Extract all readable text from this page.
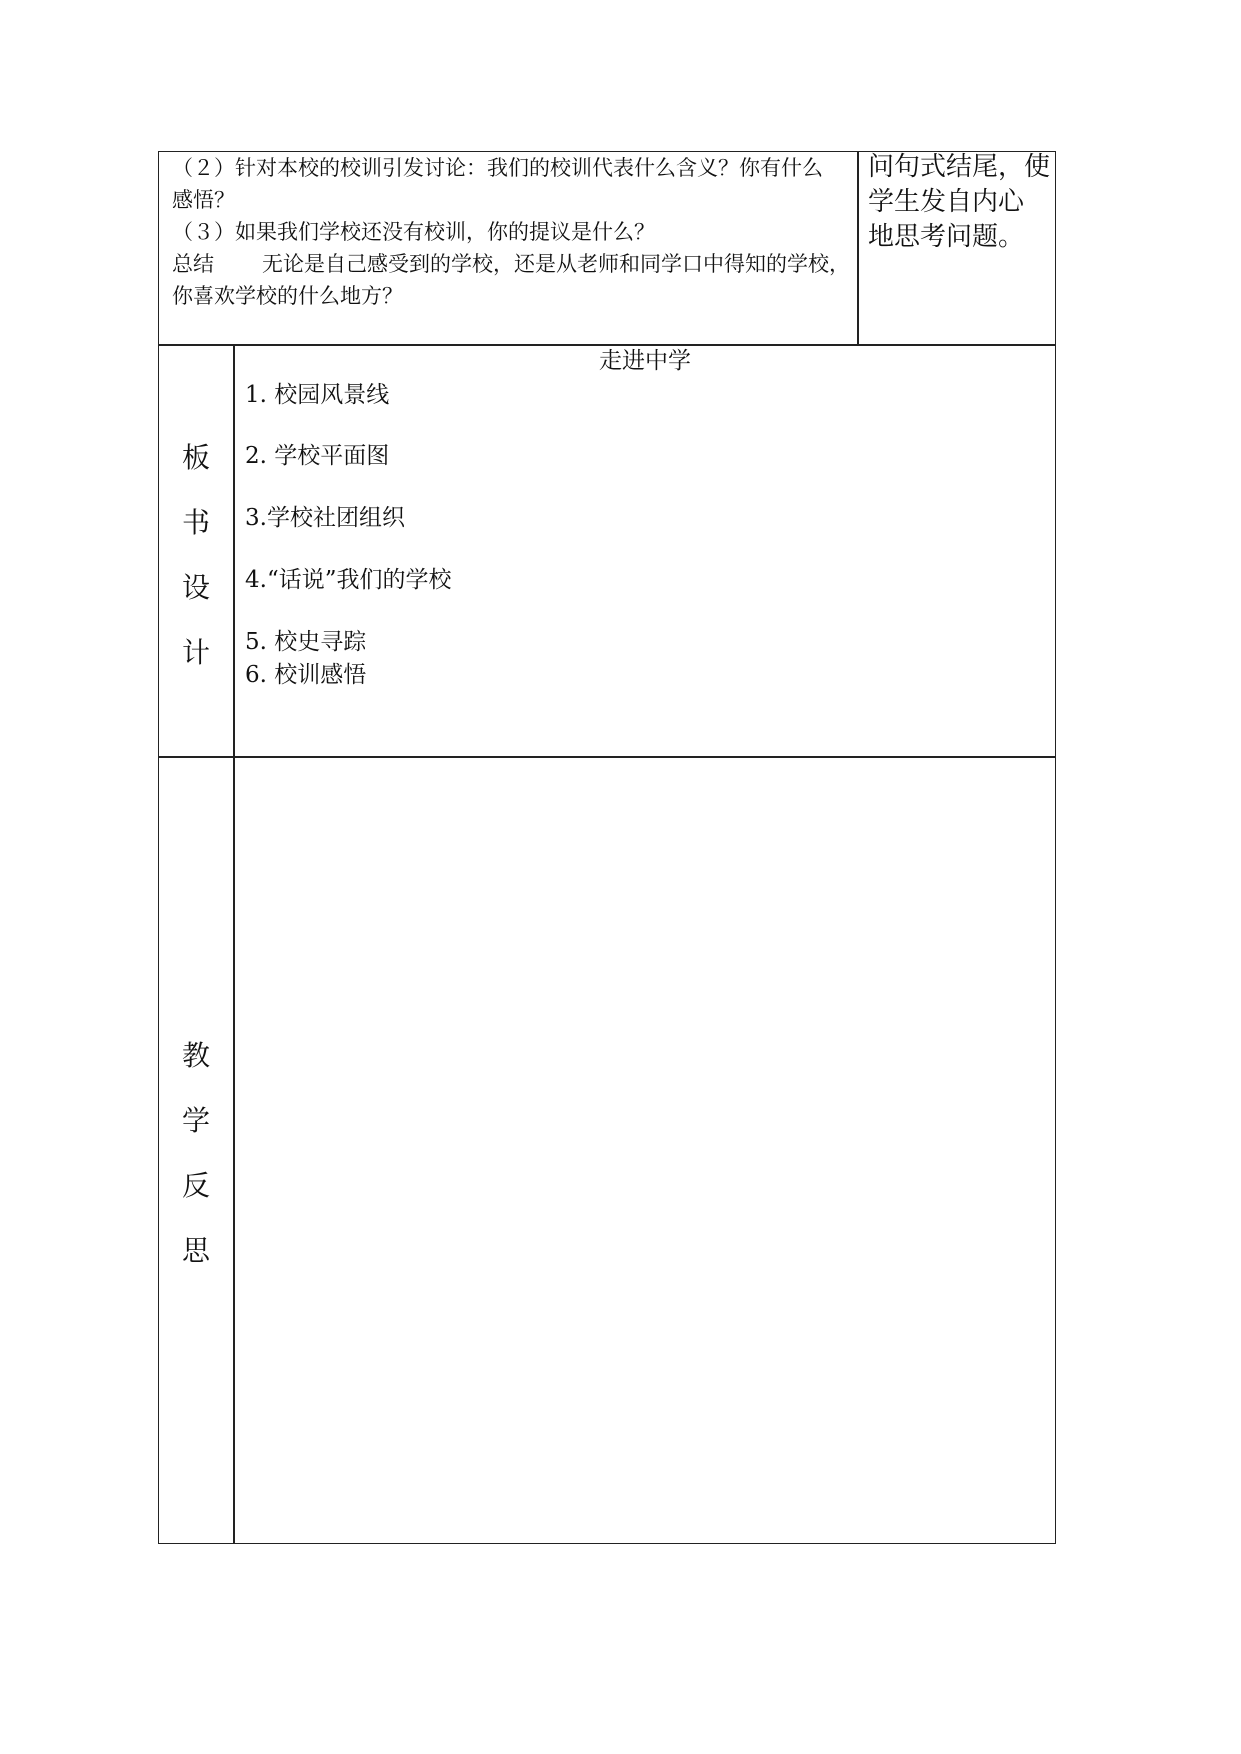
（２）针对本校的校训引发讨论：我们的校训代表什么含义？你有什么
感悟？
（３）如果我们学校还没有校训，你的提议是什么？
总结 无论是自己感受到的学校，还是从老师和同学口中得知的学校，
你喜欢学校的什么地方？
问句式结尾，使
学生发自内心
地思考问题。
板
书
设
计
走进中学
1. 校园风景线
2. 学校平面图
3.学校社团组织
4.“话说”我们的学校
5. 校史寻踪
6. 校训感悟
教
学
反
思
